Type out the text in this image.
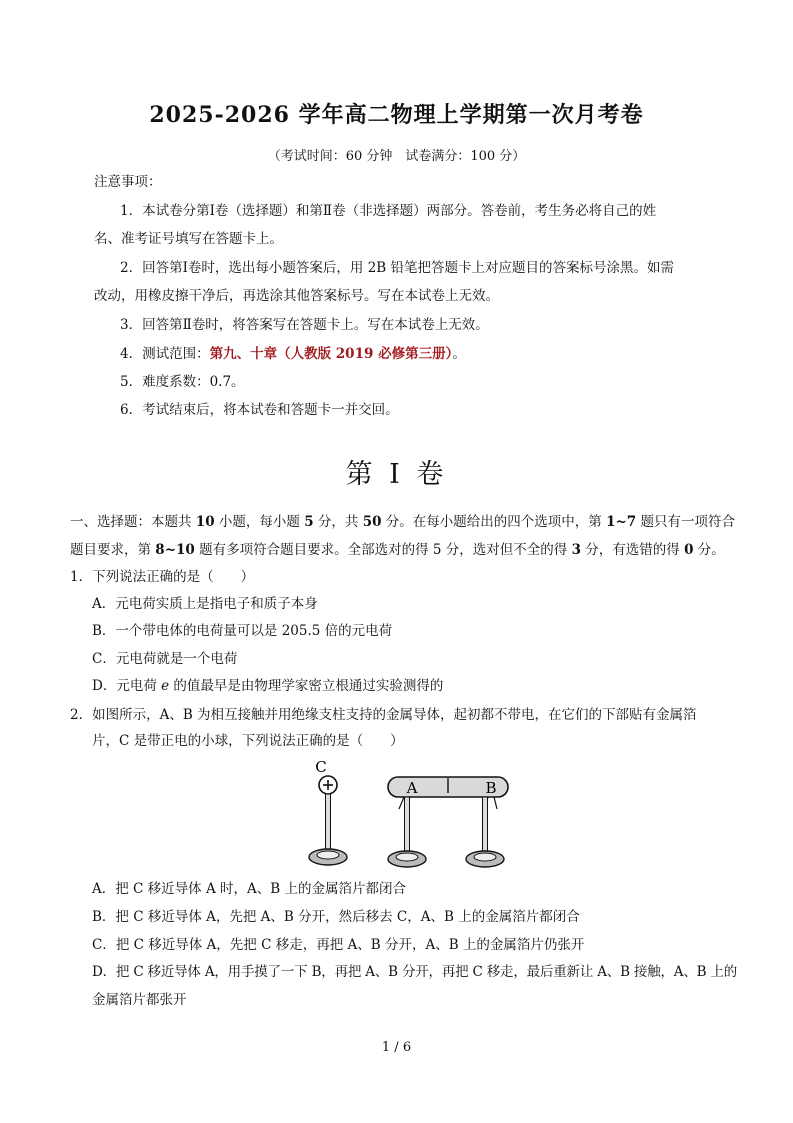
2025-2026 学年高二物理上学期第一次月考卷
（考试时间：60 分钟　试卷满分：100 分）
注意事项：
1．本试卷分第Ⅰ卷（选择题）和第Ⅱ卷（非选择题）两部分。答卷前，考生务必将自己的姓
名、准考证号填写在答题卡上。
2．回答第Ⅰ卷时，选出每小题答案后，用 2B 铅笔把答题卡上对应题目的答案标号涂黑。如需
改动，用橡皮擦干净后，再选涂其他答案标号。写在本试卷上无效。
3．回答第Ⅱ卷时，将答案写在答题卡上。写在本试卷上无效。
4．测试范围：第九、十章（人教版 2019 必修第三册）。
5．难度系数：0.7。
6．考试结束后，将本试卷和答题卡一并交回。
第 I 卷
一、选择题：本题共 10 小题，每小题 5 分，共 50 分。在每小题给出的四个选项中，第 1~7 题只有一项符合
题目要求，第 8~10 题有多项符合题目要求。全部选对的得 5 分，选对但不全的得 3 分，有选错的得 0 分。
1．下列说法正确的是（　　）
A．元电荷实质上是指电子和质子本身
B．一个带电体的电荷量可以是 205.5 倍的元电荷
C．元电荷就是一个电荷
D．元电荷 e 的值最早是由物理学家密立根通过实验测得的
2．如图所示，A、B 为相互接触并用绝缘支柱支持的金属导体，起初都不带电，在它们的下部贴有金属箔
片，C 是带正电的小球，下列说法正确的是（　　）
C
A	B
A．把 C 移近导体 A 时，A、B 上的金属箔片都闭合
B．把 C 移近导体 A，先把 A、B 分开，然后移去 C，A、B 上的金属箔片都闭合
C．把 C 移近导体 A，先把 C 移走，再把 A、B 分开，A、B 上的金属箔片仍张开
D．把 C 移近导体 A，用手摸了一下 B，再把 A、B 分开，再把 C 移走，最后重新让 A、B 接触，A、B 上的
金属箔片都张开
1 / 6
